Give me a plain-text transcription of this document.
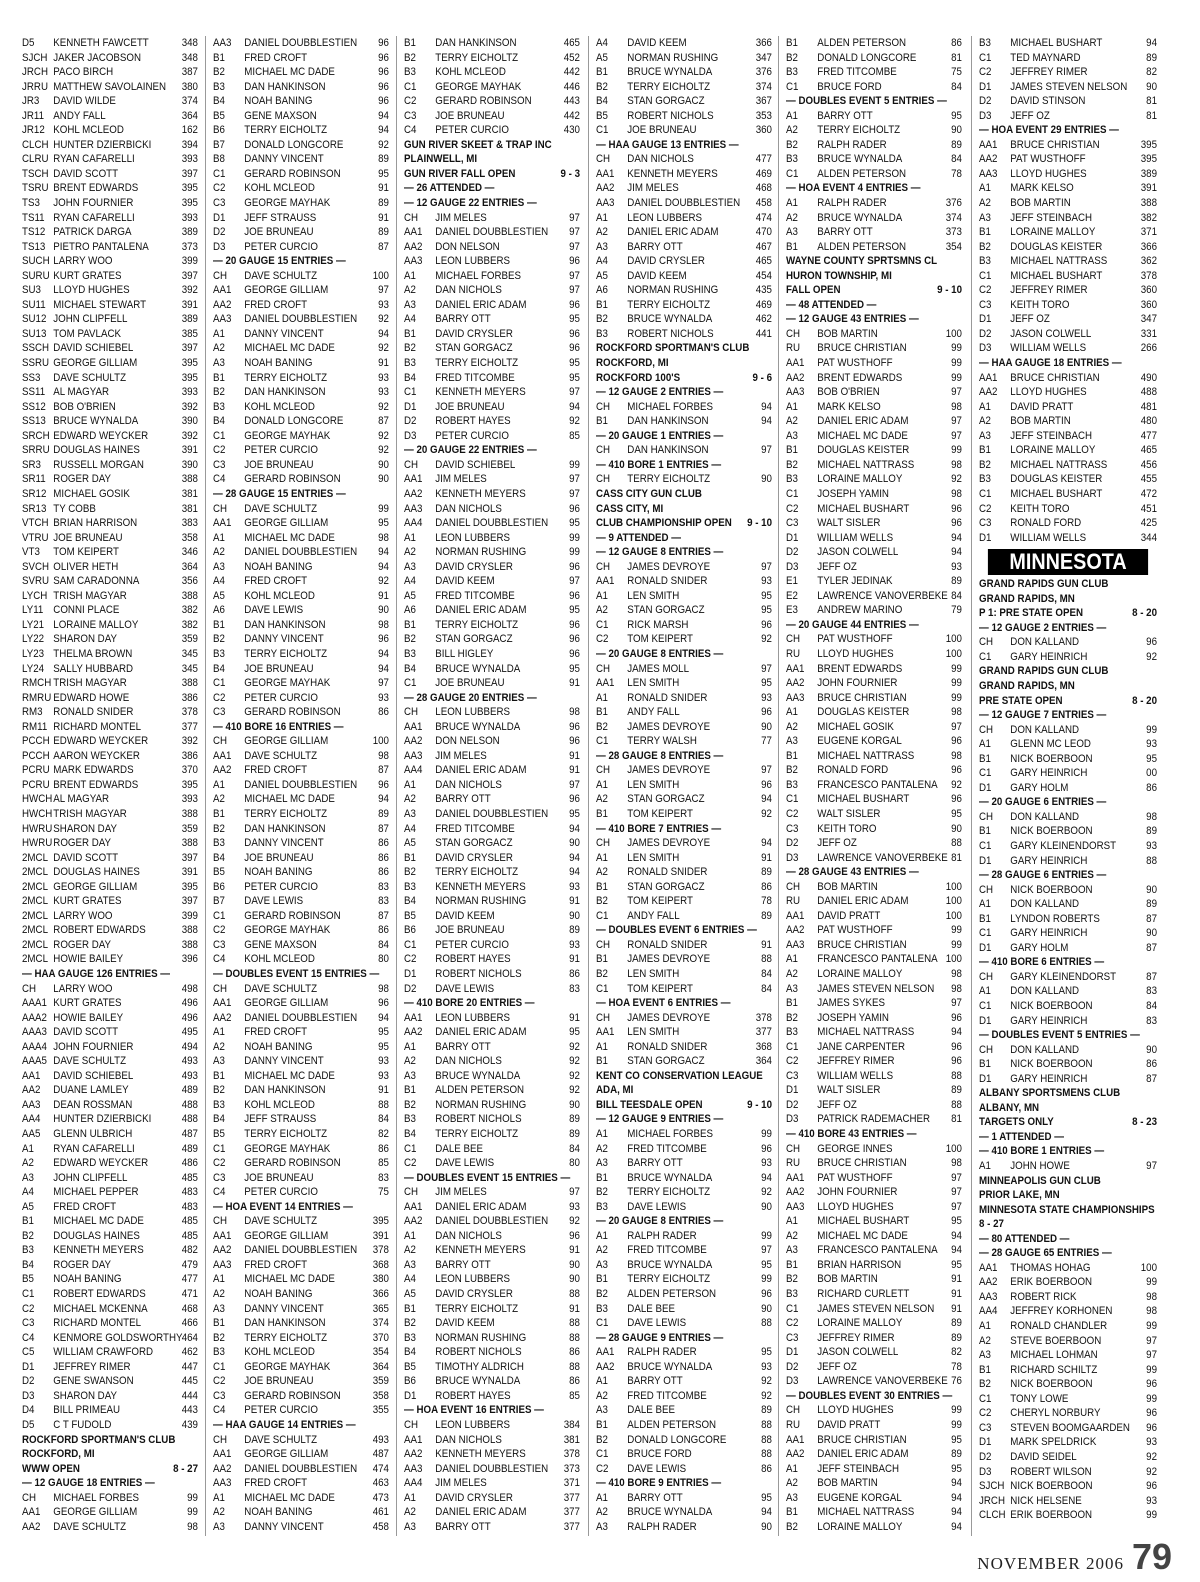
D5 KENNETH FAWCETT	348
SJCH JAKER JACOBSON	348
JRCH PACO BIRCH	387
JRRU MATTHEW SAVOLAINEN 380
JR3 DAVID WILDE	374
JR11 ANDY FALL	364
JR12 KOHL MCLEOD	162
CLCH HUNTER DZIERBICKI	394
CLRU RYAN CAFARELLI	393
TSCH DAVID SCOTT	397
TSRU BRENT EDWARDS	395
TS3 JOHN FOURNIER	395
TS11 RYAN CAFARELLI	393
TS12 PATRICK DARGA	389
TS13 PIETRO PANTALENA	373
SUCH LARRY WOO	399
SURU KURT GRATES	397
SU3 LLOYD HUGHES	392
SU11 MICHAEL STEWART	391
SU12 JOHN CLIPFELL	389
SU13 TOM PAVLACK	385
SSCH DAVID SCHIEBEL	397
SSRU GEORGE GILLIAM	395
SS3 DAVE SCHULTZ	395
SS11 AL MAGYAR	393
SS12 BOB O'BRIEN	392
SS13 BRUCE WYNALDA	390
SRCH EDWARD WEYCKER	392
SRRU DOUGLAS HAINES	391
SR3 RUSSELL MORGAN	390
SR11 ROGER DAY	388
SR12 MICHAEL GOSIK	381
SR13 TY COBB	381
VTCH BRIAN HARRISON	383
VTRU JOE BRUNEAU	358
VT3 TOM KEIPERT	346
SVCH OLIVER HETH	364
SVRU SAM CARADONNA	356
LYCH TRISH MAGYAR	388
LY11 CONNI PLACE	382
LY21 LORAINE MALLOY	382
LY22 SHARON DAY	359
LY23 THELMA BROWN	345
LY24 SALLY HUBBARD	345
RMCH TRISH MAGYAR	388
RMRU EDWARD HOWE	386
RM3 RONALD SNIDER	378
RM11 RICHARD MONTEL	377
PCCH EDWARD WEYCKER	392
PCCH AARON WEYCKER	386
PCRU MARK EDWARDS	370
PCRU BRENT EDWARDS	395
HWCHAL MAGYAR	393
HWCHTRISH MAGYAR	388
HWRUSHARON DAY	359
HWRUROGER DAY	388
2MCL DAVID SCOTT	397
2MCL DOUGLAS HAINES	391
2MCL GEORGE GILLIAM	395
2MCL KURT GRATES	397
2MCL LARRY WOO	399
2MCL ROBERT EDWARDS	388
2MCL ROGER DAY	388
2MCL HOWIE BAILEY	396
— HAA GAUGE 126 ENTRIES —
CH LARRY WOO	498
AAA1 KURT GRATES	496
AAA2 HOWIE BAILEY	496
AAA3 DAVID SCOTT	495
AAA4 JOHN FOURNIER	494
AAA5 DAVE SCHULTZ	493
AA1 DAVID SCHIEBEL	493
AA2 DUANE LAMLEY	489
AA3 DEAN ROSSMAN	488
AA4 HUNTER DZIERBICKI	488
AA5 GLENN ULBRICH	487
A1 RYAN CAFARELLI	489
A2 EDWARD WEYCKER	486
A3 JOHN CLIPFELL	485
A4 MICHAEL PEPPER	483
A5 FRED CROFT	483
B1 MICHAEL MC DADE	485
B2 DOUGLAS HAINES	485
B3 KENNETH MEYERS	482
B4 ROGER DAY	479
B5 NOAH BANING	477
C1 ROBERT EDWARDS	471
C2 MICHAEL MCKENNA	468
C3 RICHARD MONTEL	466
C4 KENMORE GOLDSWORTHY 464
C5 WILLIAM CRAWFORD	462
D1 JEFFREY RIMER	447
D2 GENE SWANSON	445
D3 SHARON DAY	444
D4 BILL PRIMEAU	443
D5 C T FUDOLD	439
ROCKFORD SPORTMAN'S CLUB
ROCKFORD, MI
WWW OPEN	8 - 27
— 12 GAUGE 18 ENTRIES —
CH MICHAEL FORBES	99
AA1 GEORGE GILLIAM	99
AA2 DAVE SCHULTZ	98
AA3 DANIEL DOUBBLESTIEN 96
B1 FRED CROFT	96
B2 MICHAEL MC DADE	96
B3 DAN HANKINSON	96
B4 NOAH BANING	96
B5 GENE MAXSON	94
B6 TERRY EICHOLTZ	94
B7 DONALD LONGCORE	92
B8 DANNY VINCENT	89
C1 GERARD ROBINSON	95
C2 KOHL MCLEOD	91
C3 GEORGE MAYHAK	89
D1 JEFF STRAUSS	91
D2 JOE BRUNEAU	89
D3 PETER CURCIO	87
— 20 GAUGE 15 ENTRIES —
CH DAVE SCHULTZ	100
AA1 GEORGE GILLIAM	97
AA2 FRED CROFT	93
AA3 DANIEL DOUBBLESTIEN 92
A1 DANNY VINCENT	94
A2 MICHAEL MC DADE	92
A3 NOAH BANING	91
B1 TERRY EICHOLTZ	93
B2 DAN HANKINSON	93
B3 KOHL MCLEOD	92
B4 DONALD LONGCORE	87
C1 GEORGE MAYHAK	92
C2 PETER CURCIO	92
C3 JOE BRUNEAU	90
C4 GERARD ROBINSON	90
— 28 GAUGE 15 ENTRIES —
CH DAVE SCHULTZ	99
AA1 GEORGE GILLIAM	95
A1 MICHAEL MC DADE	98
A2 DANIEL DOUBBLESTIEN 94
A3 NOAH BANING	94
A4 FRED CROFT	92
A5 KOHL MCLEOD	91
A6 DAVE LEWIS	90
B1 DAN HANKINSON	98
B2 DANNY VINCENT	96
B3 TERRY EICHOLTZ	94
B4 JOE BRUNEAU	94
C1 GEORGE MAYHAK	97
C2 PETER CURCIO	93
C3 GERARD ROBINSON	86
— 410 BORE 16 ENTRIES —
CH GEORGE GILLIAM	100
AA1 DAVE SCHULTZ	98
AA2 FRED CROFT	87
A1 DANIEL DOUBBLESTIEN 96
A2 MICHAEL MC DADE	94
B1 TERRY EICHOLTZ	89
B2 DAN HANKINSON	87
B3 DANNY VINCENT	86
B4 JOE BRUNEAU	86
B5 NOAH BANING	86
B6 PETER CURCIO	83
B7 DAVE LEWIS	83
C1 GERARD ROBINSON	87
C2 GEORGE MAYHAK	86
C3 GENE MAXSON	84
C4 KOHL MCLEOD	80
— DOUBLES EVENT 15 ENTRIES —
CH DAVE SCHULTZ	98
AA1 GEORGE GILLIAM	96
AA2 DANIEL DOUBBLESTIEN 94
A1 FRED CROFT	95
A2 NOAH BANING	95
A3 DANNY VINCENT	93
B1 MICHAEL MC DADE	93
B2 DAN HANKINSON	91
B3 KOHL MCLEOD	88
B4 JEFF STRAUSS	84
B5 TERRY EICHOLTZ	82
C1 GEORGE MAYHAK	86
C2 GERARD ROBINSON	85
C3 JOE BRUNEAU	83
C4 PETER CURCIO	75
— HOA EVENT 14 ENTRIES —
CH DAVE SCHULTZ	395
AA1 GEORGE GILLIAM	391
AA2 DANIEL DOUBBLESTIEN 378
AA3 FRED CROFT	368
A1 MICHAEL MC DADE	380
A2 NOAH BANING	366
A3 DANNY VINCENT	365
B1 DAN HANKINSON	374
B2 TERRY EICHOLTZ	370
B3 KOHL MCLEOD	354
C1 GEORGE MAYHAK	364
C2 JOE BRUNEAU	359
C3 GERARD ROBINSON	358
C4 PETER CURCIO	355
— HAA GAUGE 14 ENTRIES —
CH DAVE SCHULTZ	493
AA1 GEORGE GILLIAM	487
AA2 DANIEL DOUBBLESTIEN 474
AA3 FRED CROFT	463
A1 MICHAEL MC DADE	473
A2 NOAH BANING	461
A3 DANNY VINCENT	458
B1 DAN HANKINSON	465
B2 TERRY EICHOLTZ	452
B3 KOHL MCLEOD	442
C1 GEORGE MAYHAK	446
C2 GERARD ROBINSON	443
C3 JOE BRUNEAU	442
C4 PETER CURCIO	430
GUN RIVER SKEET & TRAP INC
PLAINWELL, MI
GUN RIVER FALL OPEN	9 - 3
— 26 ATTENDED —
— 12 GAUGE 22 ENTRIES —
CH JIM MELES	97
AA1 DANIEL DOUBBLESTIEN 97
AA2 DON NELSON	97
AA3 LEON LUBBERS	96
A1 MICHAEL FORBES	97
A2 DAN NICHOLS	97
A3 DANIEL ERIC ADAM	96
A4 BARRY OTT	95
B1 DAVID CRYSLER	96
B2 STAN GORGACZ	96
B3 TERRY EICHOLTZ	95
B4 FRED TITCOMBE	95
C1 KENNETH MEYERS	97
D1 JOE BRUNEAU	94
D2 ROBERT HAYES	92
D3 PETER CURCIO	85
— 20 GAUGE 22 ENTRIES —
CH DAVID SCHIEBEL	99
AA1 JIM MELES	97
AA2 KENNETH MEYERS	97
AA3 DAN NICHOLS	96
AA4 DANIEL DOUBBLESTIEN 95
A1 LEON LUBBERS	99
A2 NORMAN RUSHING	99
A3 DAVID CRYSLER	96
A4 DAVID KEEM	97
A5 FRED TITCOMBE	96
A6 DANIEL ERIC ADAM	95
B1 TERRY EICHOLTZ	96
B2 STAN GORGACZ	96
B3 BILL HIGLEY	96
B4 BRUCE WYNALDA	95
C1 JOE BRUNEAU	91
— 28 GAUGE 20 ENTRIES —
CH LEON LUBBERS	98
AA1 BRUCE WYNALDA	96
AA2 DON NELSON	96
AA3 JIM MELES	91
AA4 DANIEL ERIC ADAM	91
A1 DAN NICHOLS	97
A2 BARRY OTT	96
A3 DANIEL DOUBBLESTIEN 95
A4 FRED TITCOMBE	94
A5 STAN GORGACZ	90
B1 DAVID CRYSLER	94
B2 TERRY EICHOLTZ	94
B3 KENNETH MEYERS	93
B4 NORMAN RUSHING	91
B5 DAVID KEEM	90
B6 JOE BRUNEAU	89
C1 PETER CURCIO	93
C2 ROBERT HAYES	91
D1 ROBERT NICHOLS	86
D2 DAVE LEWIS	83
— 410 BORE 20 ENTRIES —
AA1 LEON LUBBERS	91
AA2 DANIEL ERIC ADAM	95
A1 BARRY OTT	92
A2 DAN NICHOLS	92
A3 BRUCE WYNALDA	92
B1 ALDEN PETERSON	92
B2 NORMAN RUSHING	90
B3 ROBERT NICHOLS	89
B4 TERRY EICHOLTZ	89
C1 DALE BEE	84
C2 DAVE LEWIS	80
— DOUBLES EVENT 15 ENTRIES —
CH JIM MELES	97
AA1 DANIEL ERIC ADAM	93
AA2 DANIEL DOUBBLESTIEN 92
A1 DAN NICHOLS	96
A2 KENNETH MEYERS	91
A3 BARRY OTT	90
A4 LEON LUBBERS	90
A5 DAVID CRYSLER	88
B1 TERRY EICHOLTZ	91
B2 DAVID KEEM	88
B3 NORMAN RUSHING	88
B4 ROBERT NICHOLS	86
B5 TIMOTHY ALDRICH	88
B6 BRUCE WYNALDA	86
D1 ROBERT HAYES	85
— HOA EVENT 16 ENTRIES —
CH LEON LUBBERS	384
AA1 DAN NICHOLS	381
AA2 KENNETH MEYERS	378
AA3 DANIEL DOUBBLESTIEN 373
AA4 JIM MELES	371
A1 DAVID CRYSLER	377
A2 DANIEL ERIC ADAM	377
A3 BARRY OTT	377
A4 DAVID KEEM	366
A5 NORMAN RUSHING	347
B1 BRUCE WYNALDA	376
B2 TERRY EICHOLTZ	374
B4 STAN GORGACZ	367
B5 ROBERT NICHOLS	353
C1 JOE BRUNEAU	360
— HAA GAUGE 13 ENTRIES —
CH DAN NICHOLS	477
AA1 KENNETH MEYERS	469
AA2 JIM MELES	468
AA3 DANIEL DOUBBLESTIEN 458
A1 LEON LUBBERS	474
A2 DANIEL ERIC ADAM	470
A3 BARRY OTT	467
A4 DAVID CRYSLER	465
A5 DAVID KEEM	454
A6 NORMAN RUSHING	435
B1 TERRY EICHOLTZ	469
B2 BRUCE WYNALDA	462
B3 ROBERT NICHOLS	441
ROCKFORD SPORTMAN'S CLUB
ROCKFORD, MI
ROCKFORD 100'S	9 - 6
— 12 GAUGE 2 ENTRIES —
CH MICHAEL FORBES	94
B1 DAN HANKINSON	94
— 20 GAUGE 1 ENTRIES —
CH DAN HANKINSON	97
— 410 BORE 1 ENTRIES —
CH TERRY EICHOLTZ	90
CASS CITY GUN CLUB
CASS CITY, MI
CLUB CHAMPIONSHIP OPEN 9 - 10
— 9 ATTENDED —
— 12 GAUGE 8 ENTRIES —
CH JAMES DEVROYE	97
AA1 RONALD SNIDER	93
A1 LEN SMITH	95
A2 STAN GORGACZ	95
C1 RICK MARSH	96
C2 TOM KEIPERT	92
— 20 GAUGE 8 ENTRIES —
CH JAMES MOLL	97
AA1 LEN SMITH	95
A1 RONALD SNIDER	93
B1 ANDY FALL	96
B2 JAMES DEVROYE	90
C1 TERRY WALSH	77
— 28 GAUGE 8 ENTRIES —
CH JAMES DEVROYE	97
A1 LEN SMITH	96
A2 STAN GORGACZ	94
B1 TOM KEIPERT	92
— 410 BORE 7 ENTRIES —
CH JAMES DEVROYE	94
A1 LEN SMITH	91
A2 RONALD SNIDER	89
B1 STAN GORGACZ	86
B2 TOM KEIPERT	78
C1 ANDY FALL	89
— DOUBLES EVENT 6 ENTRIES —
CH RONALD SNIDER	91
B1 JAMES DEVROYE	88
B2 LEN SMITH	84
C1 TOM KEIPERT	84
— HOA EVENT 6 ENTRIES —
CH JAMES DEVROYE	378
AA1 LEN SMITH	377
A1 RONALD SNIDER	368
B1 STAN GORGACZ	364
KENT CO CONSERVATION LEAGUE
ADA, MI
BILL TEESDALE OPEN	9 - 10
— 12 GAUGE 9 ENTRIES —
A1 MICHAEL FORBES	99
A2 FRED TITCOMBE	96
A3 BARRY OTT	93
B1 BRUCE WYNALDA	94
B2 TERRY EICHOLTZ	92
B3 DAVE LEWIS	90
— 20 GAUGE 8 ENTRIES —
A1 RALPH RADER	99
A2 FRED TITCOMBE	97
A3 BRUCE WYNALDA	95
B1 TERRY EICHOLTZ	99
B2 ALDEN PETERSON	96
B3 DALE BEE	90
C1 DAVE LEWIS	88
— 28 GAUGE 9 ENTRIES —
AA1 RALPH RADER	95
AA2 BRUCE WYNALDA	93
A1 BARRY OTT	92
A2 FRED TITCOMBE	92
A3 DALE BEE	89
B1 ALDEN PETERSON	88
B2 DONALD LONGCORE	88
C1 BRUCE FORD	88
C2 DAVE LEWIS	86
— 410 BORE 9 ENTRIES —
A1 BARRY OTT	95
A2 BRUCE WYNALDA	94
A3 RALPH RADER	90
B1 ALDEN PETERSON	86
B2 DONALD LONGCORE	81
B3 FRED TITCOMBE	75
C1 BRUCE FORD	84
— DOUBLES EVENT 5 ENTRIES —
A1 BARRY OTT	95
A2 TERRY EICHOLTZ	90
B2 RALPH RADER	89
B3 BRUCE WYNALDA	84
C1 ALDEN PETERSON	78
— HOA EVENT 4 ENTRIES —
A1 RALPH RADER	376
A2 BRUCE WYNALDA	374
A3 BARRY OTT	373
B1 ALDEN PETERSON	354
WAYNE COUNTY SPRTSMNS CL
HURON TOWNSHIP, MI
FALL OPEN	9 - 10
— 48 ATTENDED —
— 12 GAUGE 43 ENTRIES —
CH BOB MARTIN	100
RU BRUCE CHRISTIAN	99
AA1 PAT WUSTHOFF	99
AA2 BRENT EDWARDS	99
AA3 BOB O'BRIEN	97
A1 MARK KELSO	98
A2 DANIEL ERIC ADAM	97
A3 MICHAEL MC DADE	97
B1 DOUGLAS KEISTER	99
B2 MICHAEL NATTRASS	98
B3 LORAINE MALLOY	92
C1 JOSEPH YAMIN	98
C2 MICHAEL BUSHART	96
C3 WALT SISLER	96
D1 WILLIAM WELLS	94
D2 JASON COLWELL	94
D3 JEFF OZ	93
E1 TYLER JEDINAK	89
E2 LAWRENCE VANOVERBEKE 84
E3 ANDREW MARINO	79
— 20 GAUGE 44 ENTRIES —
CH PAT WUSTHOFF	100
RU LLOYD HUGHES	100
AA1 BRENT EDWARDS	99
AA2 JOHN FOURNIER	99
AA3 BRUCE CHRISTIAN	99
A1 DOUGLAS KEISTER	98
A2 MICHAEL GOSIK	97
A3 EUGENE KORGAL	96
B1 MICHAEL NATTRASS	98
B2 RONALD FORD	96
B3 FRANCESCO PANTALENA 92
C1 MICHAEL BUSHART	96
C2 WALT SISLER	95
C3 KEITH TORO	90
D2 JEFF OZ	88
D3 LAWRENCE VANOVERBEKE 81
— 28 GAUGE 43 ENTRIES —
CH BOB MARTIN	100
RU DANIEL ERIC ADAM	100
AA1 DAVID PRATT	100
AA2 PAT WUSTHOFF	99
AA3 BRUCE CHRISTIAN	99
A1 FRANCESCO PANTALENA 100
A2 LORAINE MALLOY	98
A3 JAMES STEVEN NELSON 98
B1 JAMES SYKES	97
B2 JOSEPH YAMIN	96
B3 MICHAEL NATTRASS	94
C1 JANE CARPENTER	96
C2 JEFFREY RIMER	96
C3 WILLIAM WELLS	88
D1 WALT SISLER	89
D2 JEFF OZ	88
D3 PATRICK RADEMACHER 81
— 410 BORE 43 ENTRIES —
CH GEORGE INNES	100
RU BRUCE CHRISTIAN	98
AA1 PAT WUSTHOFF	97
AA2 JOHN FOURNIER	97
AA3 LLOYD HUGHES	97
A1 MICHAEL BUSHART	95
A2 MICHAEL MC DADE	94
A3 FRANCESCO PANTALENA 94
B1 BRIAN HARRISON	95
B2 BOB MARTIN	91
B3 RICHARD CURLETT	91
C1 JAMES STEVEN NELSON 91
C2 LORAINE MALLOY	89
C3 JEFFREY RIMER	89
D1 JASON COLWELL	82
D2 JEFF OZ	78
D3 LAWRENCE VANOVERBEKE 76
— DOUBLES EVENT 30 ENTRIES —
CH LLOYD HUGHES	99
RU DAVID PRATT	99
AA1 BRUCE CHRISTIAN	95
AA2 DANIEL ERIC ADAM	89
A1 JEFF STEINBACH	95
A2 BOB MARTIN	94
A3 EUGENE KORGAL	94
B1 MICHAEL NATTRASS	94
B2 LORAINE MALLOY	94
B3 MICHAEL BUSHART	94
C1 TED MAYNARD	89
C2 JEFFREY RIMER	82
D1 JAMES STEVEN NELSON 90
D2 DAVID STINSON	81
D3 JEFF OZ	81
— HOA EVENT 29 ENTRIES —
AA1 BRUCE CHRISTIAN	395
AA2 PAT WUSTHOFF	395
AA3 LLOYD HUGHES	389
A1 MARK KELSO	391
A2 BOB MARTIN	388
A3 JEFF STEINBACH	382
B1 LORAINE MALLOY	371
B2 DOUGLAS KEISTER	366
B3 MICHAEL NATTRASS	362
C1 MICHAEL BUSHART	378
C2 JEFFREY RIMER	360
C3 KEITH TORO	360
D1 JEFF OZ	347
D2 JASON COLWELL	331
D3 WILLIAM WELLS	266
— HAA GAUGE 18 ENTRIES —
AA1 BRUCE CHRISTIAN	490
AA2 LLOYD HUGHES	488
A1 DAVID PRATT	481
A2 BOB MARTIN	480
A3 JEFF STEINBACH	477
B1 LORAINE MALLOY	465
B2 MICHAEL NATTRASS	456
B3 DOUGLAS KEISTER	455
C1 MICHAEL BUSHART	472
C2 KEITH TORO	451
C3 RONALD FORD	425
D1 WILLIAM WELLS	344
MINNESOTA
GRAND RAPIDS GUN CLUB
GRAND RAPIDS, MN
P 1: PRE STATE OPEN	8 - 20
— 12 GAUGE 2 ENTRIES —
CH DON KALLAND	96
C1 GARY HEINRICH	92
GRAND RAPIDS GUN CLUB
GRAND RAPIDS, MN
PRE STATE OPEN	8 - 20
— 12 GAUGE 7 ENTRIES —
CH DON KALLAND	99
A1 GLENN MC LEOD	93
B1 NICK BOERBOON	95
C1 GARY HEINRICH	00
D1 GARY HOLM	86
— 20 GAUGE 6 ENTRIES —
CH DON KALLAND	98
B1 NICK BOERBOON	89
C1 GARY KLEINENDORST	93
D1 GARY HEINRICH	88
— 28 GAUGE 6 ENTRIES —
CH NICK BOERBOON	90
A1 DON KALLAND	89
B1 LYNDON ROBERTS	87
C1 GARY HEINRICH	90
D1 GARY HOLM	87
— 410 BORE 6 ENTRIES —
CH GARY KLEINENDORST	87
A1 DON KALLAND	83
C1 NICK BOERBOON	84
D1 GARY HEINRICH	83
— DOUBLES EVENT 5 ENTRIES —
CH DON KALLAND	90
B1 NICK BOERBOON	86
D1 GARY HEINRICH	87
ALBANY SPORTSMENS CLUB
ALBANY, MN
TARGETS ONLY	8 - 23
— 1 ATTENDED —
— 410 BORE 1 ENTRIES —
A1 JOHN HOWE	97
MINNEAPOLIS GUN CLUB
PRIOR LAKE, MN
MINNESOTA STATE CHAMPIONSHIPS
8 - 27
— 80 ATTENDED —
— 28 GAUGE 65 ENTRIES —
AA1 THOMAS HOHAG	100
AA2 ERIK BOERBOON	99
AA3 ROBERT RICK	98
AA4 JEFFREY KORHONEN	98
A1 RONALD CHANDLER	99
A2 STEVE BOERBOON	97
A3 MICHAEL LOHMAN	97
B1 RICHARD SCHILTZ	99
B2 NICK BOERBOON	96
C1 TONY LOWE	99
C2 CHERYL NORBURY	96
C3 STEVEN BOOMGAARDEN 96
D1 MARK SPELDRICK	93
D2 DAVID SEIDEL	92
D3 ROBERT WILSON	92
SJCH NICK BOERBOON	96
JRCH NICK HELSENE	93
CLCH ERIK BOERBOON	99
NOVEMBER 2006 79
